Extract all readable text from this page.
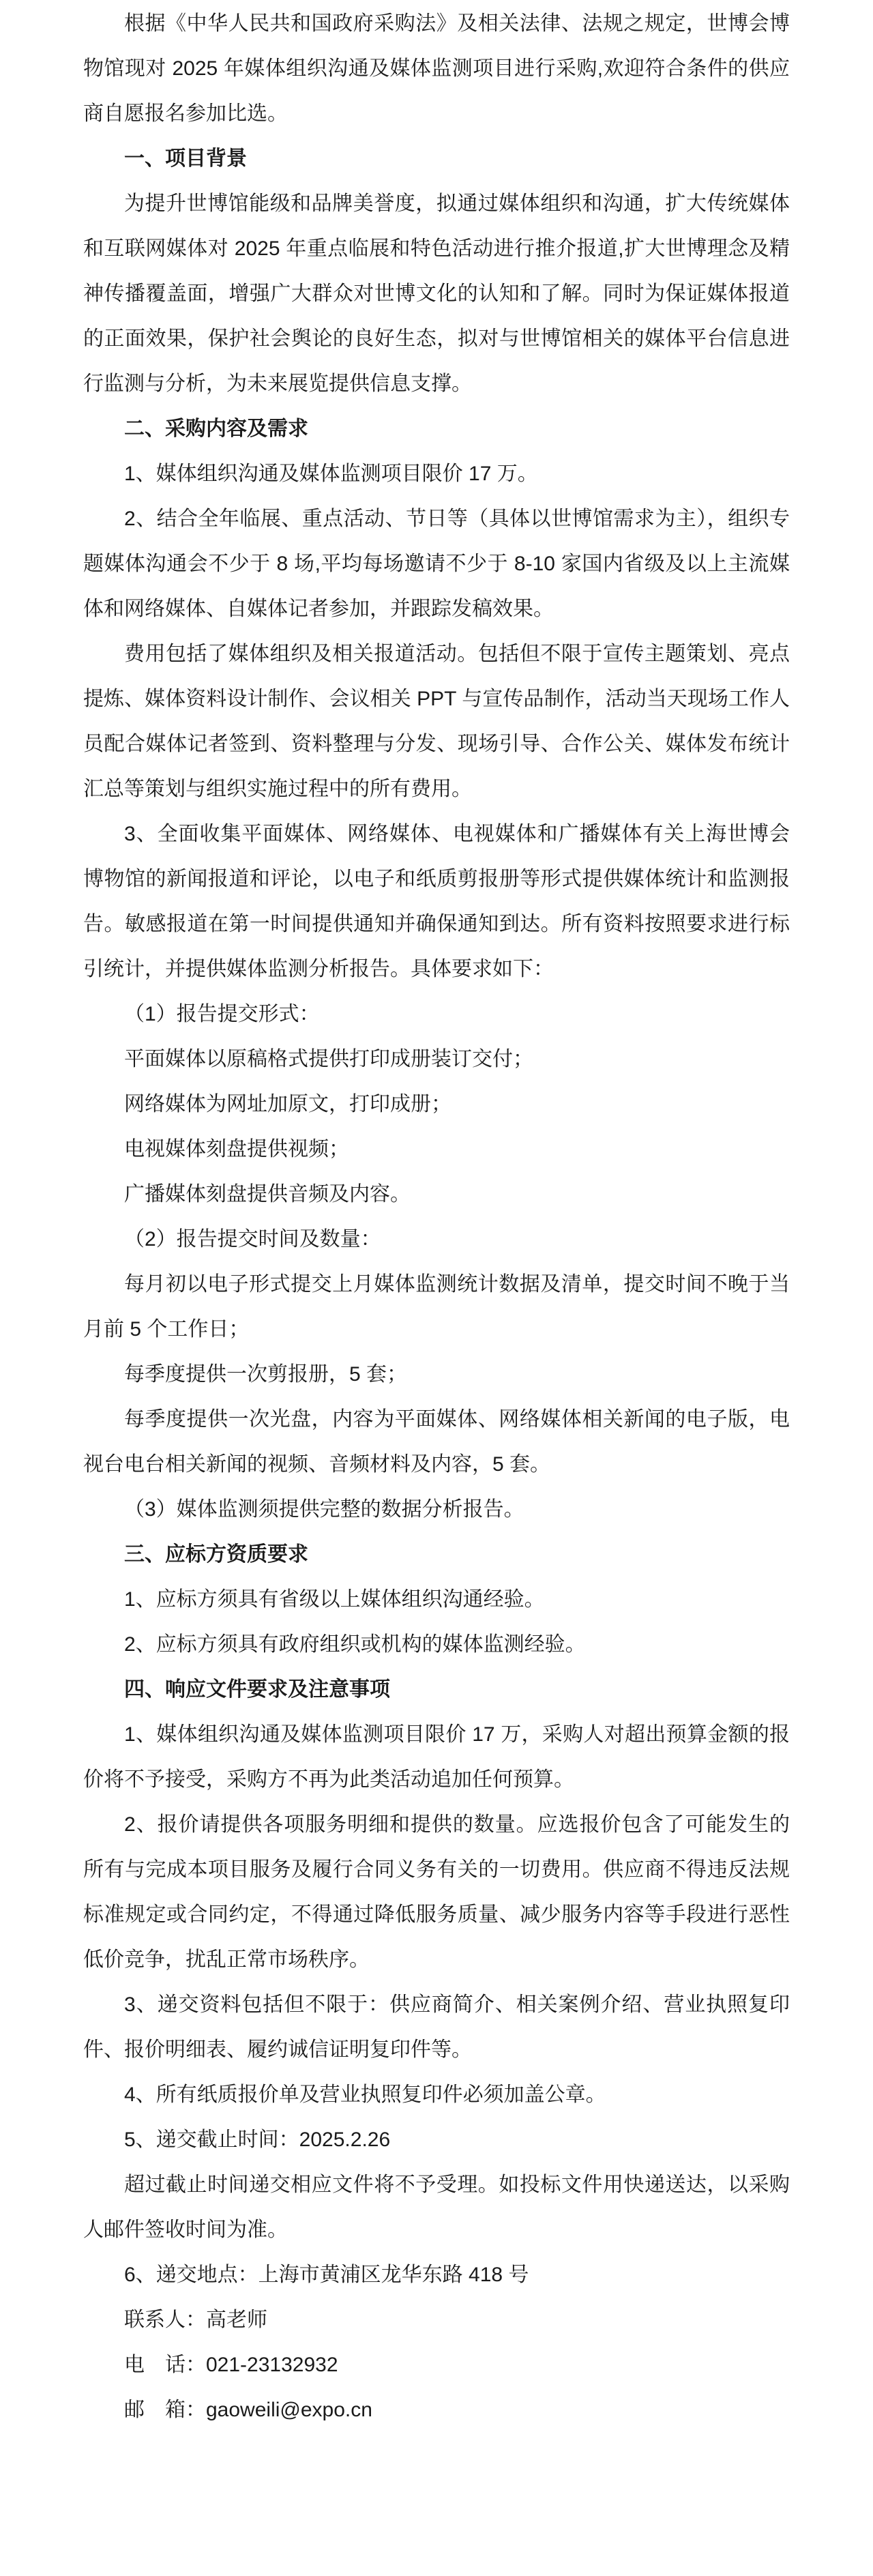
根据《中华人民共和国政府采购法》及相关法律、法规之规定，世博会博物馆现对 2025 年媒体组织沟通及媒体监测项目进行采购,欢迎符合条件的供应商自愿报名参加比选。

一、项目背景

为提升世博馆能级和品牌美誉度，拟通过媒体组织和沟通，扩大传统媒体和互联网媒体对 2025 年重点临展和特色活动进行推介报道,扩大世博理念及精神传播覆盖面，增强广大群众对世博文化的认知和了解。同时为保证媒体报道的正面效果，保护社会舆论的良好生态，拟对与世博馆相关的媒体平台信息进行监测与分析，为未来展览提供信息支撑。

二、采购内容及需求

1、媒体组织沟通及媒体监测项目限价 17 万。

2、结合全年临展、重点活动、节日等（具体以世博馆需求为主），组织专题媒体沟通会不少于 8 场,平均每场邀请不少于 8-10 家国内省级及以上主流媒体和网络媒体、自媒体记者参加，并跟踪发稿效果。

费用包括了媒体组织及相关报道活动。包括但不限于宣传主题策划、亮点提炼、媒体资料设计制作、会议相关 PPT 与宣传品制作，活动当天现场工作人员配合媒体记者签到、资料整理与分发、现场引导、合作公关、媒体发布统计汇总等策划与组织实施过程中的所有费用。

3、全面收集平面媒体、网络媒体、电视媒体和广播媒体有关上海世博会博物馆的新闻报道和评论，以电子和纸质剪报册等形式提供媒体统计和监测报告。敏感报道在第一时间提供通知并确保通知到达。所有资料按照要求进行标引统计，并提供媒体监测分析报告。具体要求如下：

（1）报告提交形式：

平面媒体以原稿格式提供打印成册装订交付；

网络媒体为网址加原文，打印成册；

电视媒体刻盘提供视频；

广播媒体刻盘提供音频及内容。

（2）报告提交时间及数量：

每月初以电子形式提交上月媒体监测统计数据及清单，提交时间不晚于当月前 5 个工作日；

每季度提供一次剪报册，5 套；

每季度提供一次光盘，内容为平面媒体、网络媒体相关新闻的电子版，电视台电台相关新闻的视频、音频材料及内容，5 套。

（3）媒体监测须提供完整的数据分析报告。

三、应标方资质要求

1、应标方须具有省级以上媒体组织沟通经验。

2、应标方须具有政府组织或机构的媒体监测经验。

四、响应文件要求及注意事项

1、媒体组织沟通及媒体监测项目限价 17 万，采购人对超出预算金额的报价将不予接受，采购方不再为此类活动追加任何预算。

2、报价请提供各项服务明细和提供的数量。应选报价包含了可能发生的所有与完成本项目服务及履行合同义务有关的一切费用。供应商不得违反法规标准规定或合同约定，不得通过降低服务质量、减少服务内容等手段进行恶性低价竞争，扰乱正常市场秩序。

3、递交资料包括但不限于：供应商简介、相关案例介绍、营业执照复印件、报价明细表、履约诚信证明复印件等。

4、所有纸质报价单及营业执照复印件必须加盖公章。

5、递交截止时间：2025.2.26

超过截止时间递交相应文件将不予受理。如投标文件用快递送达，以采购人邮件签收时间为准。

6、递交地点：上海市黄浦区龙华东路 418 号

联系人：高老师

电　话：021-23132932

邮　箱：gaoweili@expo.cn
